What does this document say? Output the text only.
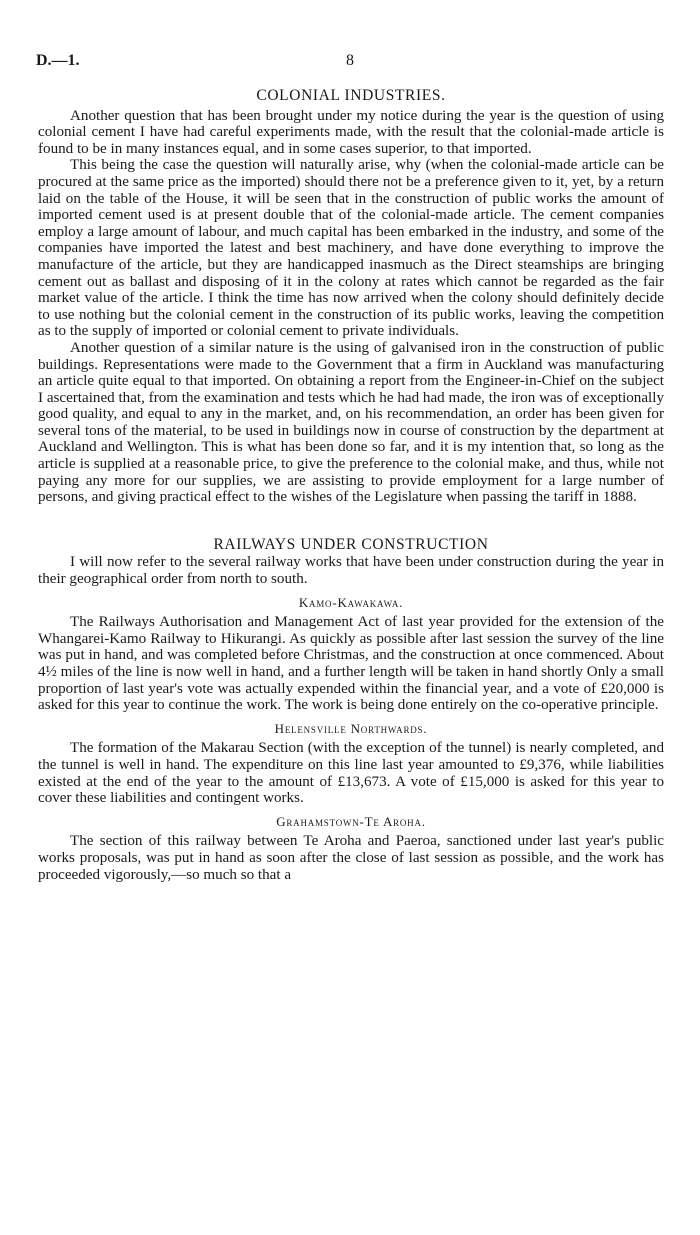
D.—1.	8
COLONIAL INDUSTRIES.

Another question that has been brought under my notice during the year is the question of using colonial cement I have had careful experiments made, with the result that the colonial-made article is found to be in many instances equal, and in some cases superior, to that imported.

This being the case the question will naturally arise, why (when the colonial-made article can be procured at the same price as the imported) should there not be a preference given to it, yet, by a return laid on the table of the House, it will be seen that in the construction of public works the amount of imported cement used is at present double that of the colonial-made article. The cement companies employ a large amount of labour, and much capital has been embarked in the industry, and some of the companies have imported the latest and best machinery, and have done everything to improve the manufacture of the article, but they are handicapped inasmuch as the Direct steamships are bringing cement out as ballast and disposing of it in the colony at rates which cannot be regarded as the fair market value of the article. I think the time has now arrived when the colony should definitely decide to use nothing but the colonial cement in the construction of its public works, leaving the competition as to the supply of imported or colonial cement to private individuals.

Another question of a similar nature is the using of galvanised iron in the construction of public buildings. Representations were made to the Government that a firm in Auckland was manufacturing an article quite equal to that imported. On obtaining a report from the Engineer-in-Chief on the subject I ascertained that, from the examination and tests which he had had made, the iron was of exceptionally good quality, and equal to any in the market, and, on his recommendation, an order has been given for several tons of the material, to be used in buildings now in course of construction by the department at Auckland and Wellington. This is what has been done so far, and it is my intention that, so long as the article is supplied at a reasonable price, to give the preference to the colonial make, and thus, while not paying any more for our supplies, we are assisting to provide employment for a large number of persons, and giving practical effect to the wishes of the Legislature when passing the tariff in 1888.

RAILWAYS UNDER CONSTRUCTION

I will now refer to the several railway works that have been under construction during the year in their geographical order from north to south.

Kamo-Kawakawa.

The Railways Authorisation and Management Act of last year provided for the extension of the Whangarei-Kamo Railway to Hikurangi. As quickly as possible after last session the survey of the line was put in hand, and was completed before Christmas, and the construction at once commenced. About 4½ miles of the line is now well in hand, and a further length will be taken in hand shortly Only a small proportion of last year's vote was actually expended within the financial year, and a vote of £20,000 is asked for this year to continue the work. The work is being done entirely on the co-operative principle.

Helensville Northwards.

The formation of the Makarau Section (with the exception of the tunnel) is nearly completed, and the tunnel is well in hand. The expenditure on this line last year amounted to £9,376, while liabilities existed at the end of the year to the amount of £13,673. A vote of £15,000 is asked for this year to cover these liabilities and contingent works.

Grahamstown-Te Aroha.

The section of this railway between Te Aroha and Paeroa, sanctioned under last year's public works proposals, was put in hand as soon after the close of last session as possible, and the work has proceeded vigorously,—so much so that a
